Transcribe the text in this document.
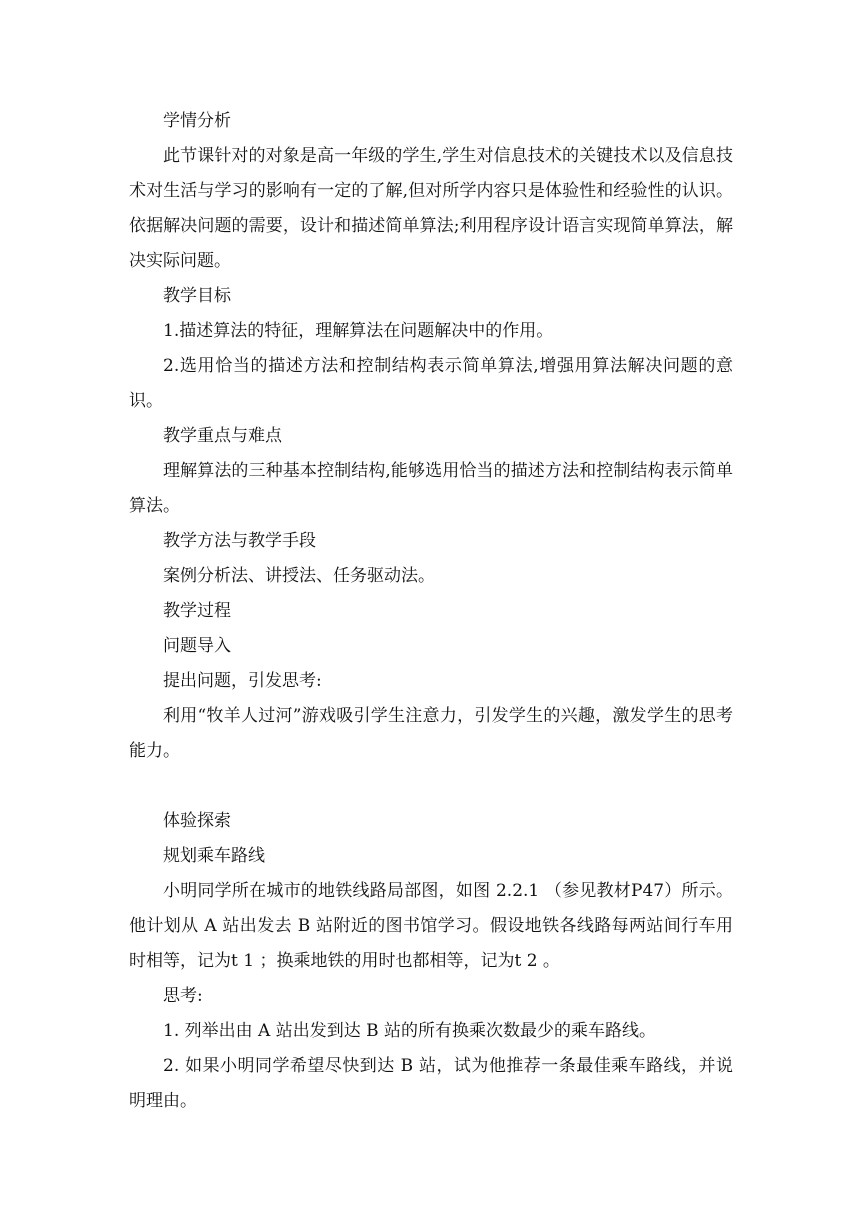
学情分析

此节课针对的对象是高一年级的学生,学生对信息技术的关键技术以及信息技术对生活与学习的影响有一定的了解,但对所学内容只是体验性和经验性的认识。依据解决问题的需要，设计和描述简单算法;利用程序设计语言实现简单算法，解决实际问题。

教学目标

1.描述算法的特征，理解算法在问题解决中的作用。

2.选用恰当的描述方法和控制结构表示简单算法,增强用算法解决问题的意识。

教学重点与难点

理解算法的三种基本控制结构,能够选用恰当的描述方法和控制结构表示简单算法。

教学方法与教学手段

案例分析法、讲授法、任务驱动法。

教学过程

问题导入

提出问题，引发思考:

利用“牧羊人过河”游戏吸引学生注意力，引发学生的兴趣，激发学生的思考能力。

体验探索

规划乘车路线

小明同学所在城市的地铁线路局部图，如图 2.2.1 （参见教材P47）所示。他计划从 A 站出发去 B 站附近的图书馆学习。假设地铁各线路每两站间行车用时相等，记为t 1 ；换乘地铁的用时也都相等，记为t 2 。

思考:

1. 列举出由 A 站出发到达 B 站的所有换乘次数最少的乘车路线。

2. 如果小明同学希望尽快到达 B 站，试为他推荐一条最佳乘车路线，并说明理由。
